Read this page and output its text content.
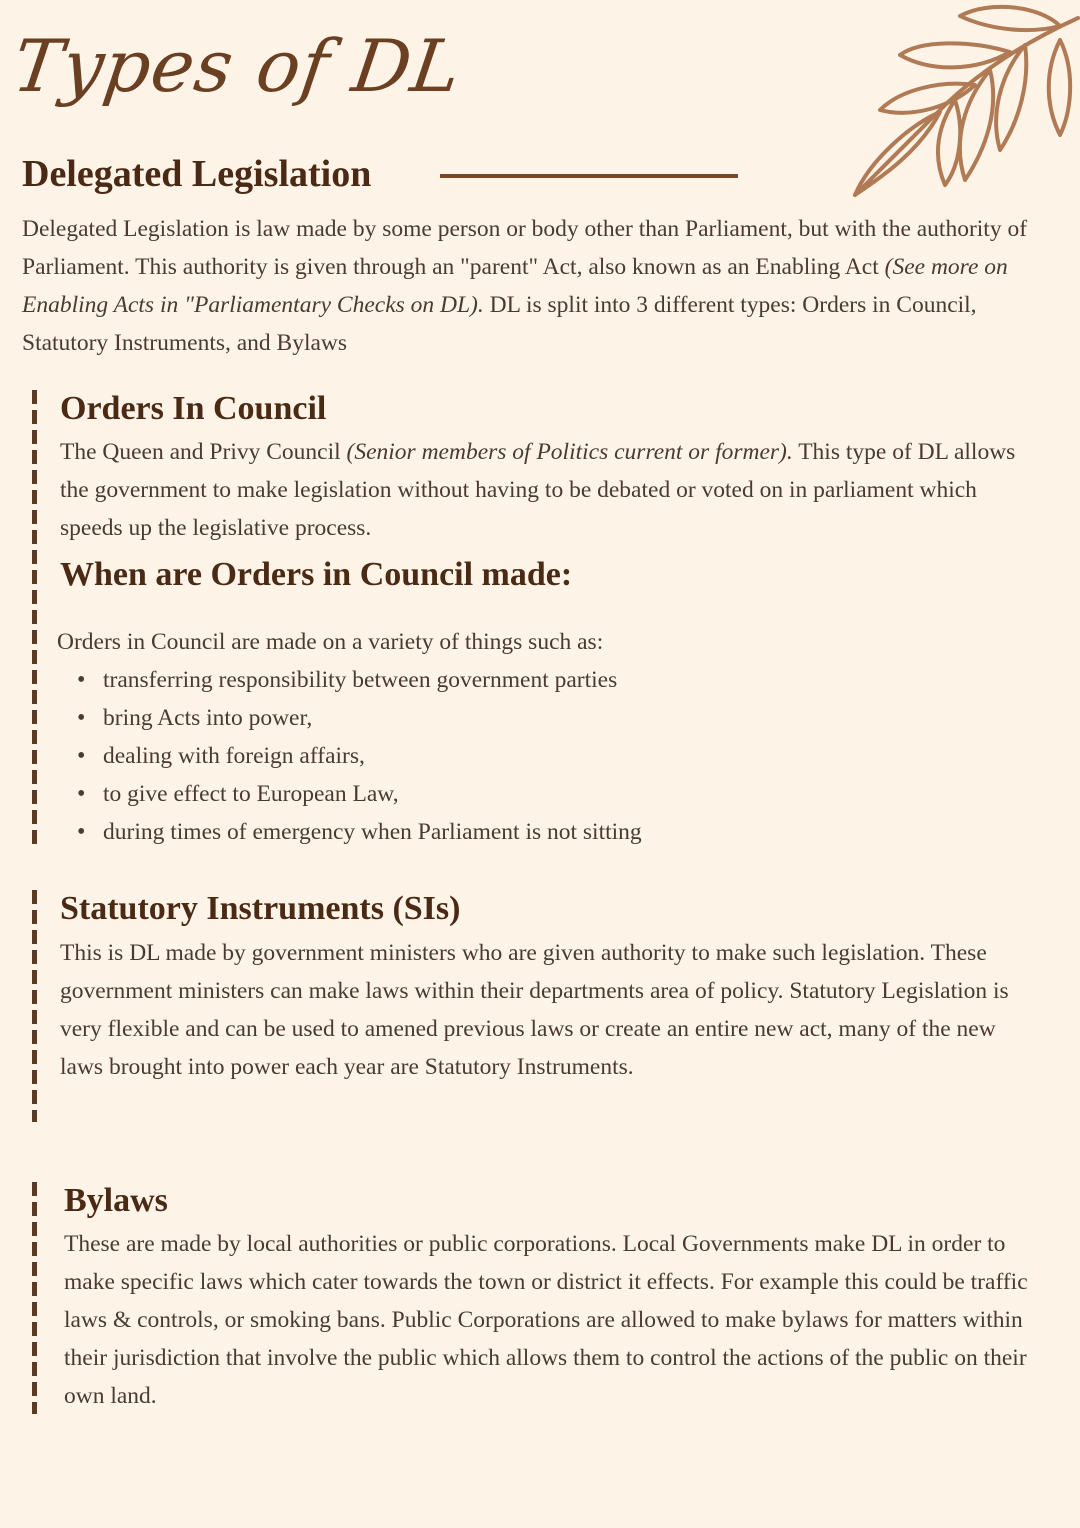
Types of DL
Delegated Legislation

Delegated Legislation is law made by some person or body other than Parliament, but with the authority of Parliament. This authority is given through an "parent" Act, also known as an Enabling Act (See more on Enabling Acts in "Parliamentary Checks on DL). DL is split into 3 different types: Orders in Council, Statutory Instruments, and Bylaws

Orders In Council

The Queen and Privy Council (Senior members of Politics current or former). This type of DL allows the government to make legislation without having to be debated or voted on in parliament which speeds up the legislative process.

When are Orders in Council made:

Orders in Council are made on a variety of things such as:

• transferring responsibility between government parties
• bring Acts into power,
• dealing with foreign affairs,
• to give effect to European Law,
• during times of emergency when Parliament is not sitting
Statutory Instruments (SIs)

This is DL made by government ministers who are given authority to make such legislation. These government ministers can make laws within their departments area of policy. Statutory Legislation is very flexible and can be used to amened previous laws or create an entire new act, many of the new laws brought into power each year are Statutory Instruments.

Bylaws

These are made by local authorities or public corporations. Local Governments make DL in order to make specific laws which cater towards the town or district it effects. For example this could be traffic laws & controls, or smoking bans. Public Corporations are allowed to make bylaws for matters within their jurisdiction that involve the public which allows them to control the actions of the public on their own land.
